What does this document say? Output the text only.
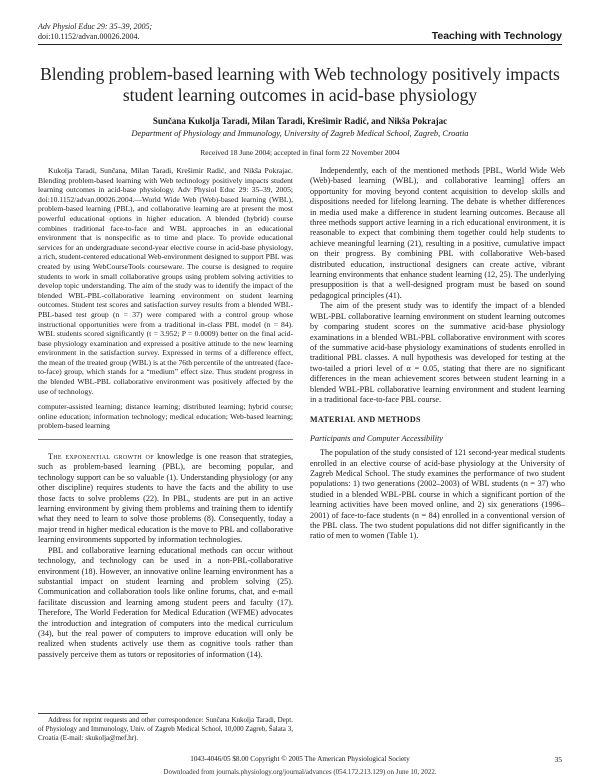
Adv Physiol Educ 29: 35–39, 2005;
doi:10.1152/advan.00026.2004.	Teaching with Technology
Blending problem-based learning with Web technology positively impacts student learning outcomes in acid-base physiology
Sunčana Kukolja Taradi, Milan Taradi, Krešimir Radić, and Nikša Pokrajac
Department of Physiology and Immunology, University of Zagreb Medical School, Zagreb, Croatia
Received 18 June 2004; accepted in final form 22 November 2004

Kukolja Taradi, Sunčana, Milan Taradi, Krešimir Radić, and Nikša Pokrajac. Blending problem-based learning with Web technology positively impacts student learning outcomes in acid-base physiology. Adv Physiol Educ 29: 35–39, 2005; doi:10.1152/advan.00026.2004.—World Wide Web (Web)-based learning (WBL), problem-based learning (PBL), and collaborative learning are at present the most powerful educational options in higher education. A blended (hybrid) course combines traditional face-to-face and WBL approaches in an educational environment that is nonspecific as to time and place. To provide educational services for an undergraduate second-year elective course in acid-base physiology, a rich, student-centered educational Web-environment designed to support PBL was created by using WebCourseTools courseware. The course is designed to require students to work in small collaborative groups using problem solving activities to develop topic understanding. The aim of the study was to identify the impact of the blended WBL-PBL-collaborative learning environment on student learning outcomes. Student test scores and satisfaction survey results from a blended WBL-PBL-based test group (n = 37) were compared with a control group whose instructional opportunities were from a traditional in-class PBL model (n = 84). WBL students scored significantly (t = 3.952; P = 0.0009) better on the final acid-base physiology examination and expressed a positive attitude to the new learning environment in the satisfaction survey. Expressed in terms of a difference effect, the mean of the treated group (WBL) is at the 76th percentile of the untreated (face-to-face) group, which stands for a “medium” effect size. Thus student progress in the blended WBL-PBL collaborative environment was positively affected by the use of technology.

computer-assisted learning; distance learning; distributed learning; hybrid course; online education; information technology; medical education; Web-based learning; problem-based learning

The exponential growth of knowledge is one reason that strategies, such as problem-based learning (PBL), are becoming popular, and technology support can be so valuable (1). Understanding physiology (or any other discipline) requires students to have the facts and the ability to use those facts to solve problems (22). In PBL, students are put in an active learning environment by giving them problems and training them to identify what they need to learn to solve those problems (8). Consequently, today a major trend in higher medical education is the move to PBL and collaborative learning environments supported by information technologies.

PBL and collaborative learning educational methods can occur without technology, and technology can be used in a non-PBL-collaborative environment (18). However, an innovative online learning environment has a substantial impact on student learning and problem solving (25). Communication and collaboration tools like online forums, chat, and e-mail facilitate discussion and learning among student peers and faculty (17). Therefore, The World Federation for Medical Education (WFME) advocates the introduction and integration of computers into the medical curriculum (34), but the real power of computers to improve education will only be realized when students actively use them as cognitive tools rather than passively perceive them as tutors or repositories of information (14).

Independently, each of the mentioned methods [PBL, World Wide Web (Web)-based learning (WBL), and collaborative learning] offers an opportunity for moving beyond content acquisition to develop skills and dispositions needed for lifelong learning. The debate is whether differences in media used make a difference in student learning outcomes. Because all three methods support active learning in a rich educational environment, it is reasonable to expect that combining them together could help students to achieve meaningful learning (21), resulting in a positive, cumulative impact on their progress. By combining PBL with collaborative Web-based distributed education, instructional designers can create active, vibrant learning environments that enhance student learning (12, 25). The underlying presupposition is that a well-designed program must be based on sound pedagogical principles (41).

The aim of the present study was to identify the impact of a blended WBL-PBL collaborative learning environment on student learning outcomes by comparing student scores on the summative acid-base physiology examinations in a blended WBL-PBL collaborative environment with scores of the summative acid-base physiology examinations of students enrolled in traditional PBL classes. A null hypothesis was developed for testing at the two-tailed a priori level of α = 0.05, stating that there are no significant differences in the mean achievement scores between student learning in a blended WBL-PBL collaborative learning environment and student learning in a traditional face-to-face PBL course.

MATERIAL AND METHODS

Participants and Computer Accessibility

The population of the study consisted of 121 second-year medical students enrolled in an elective course of acid-base physiology at the University of Zagreb Medical School. The study examines the performance of two student populations: 1) two generations (2002–2003) of WBL students (n = 37) who studied in a blended WBL-PBL course in which a significant portion of the learning activities have been moved online, and 2) six generations (1996–2001) of face-to-face students (n = 84) enrolled in a conventional version of the PBL class. The two student populations did not differ significantly in the ratio of men to women (Table 1).

Address for reprint requests and other correspondence: Sunčana Kukolja Taradi, Dept. of Physiology and Immunology, Univ. of Zagreb Medical School, 10,000 Zagreb, Šalata 3, Croatia (E-mail: skukolja@mef.hr).
1043-4046/05 $8.00 Copyright © 2005 The American Physiological Society	35
Downloaded from journals.physiology.org/journal/advances (054.172.213.129) on June 10, 2022.
